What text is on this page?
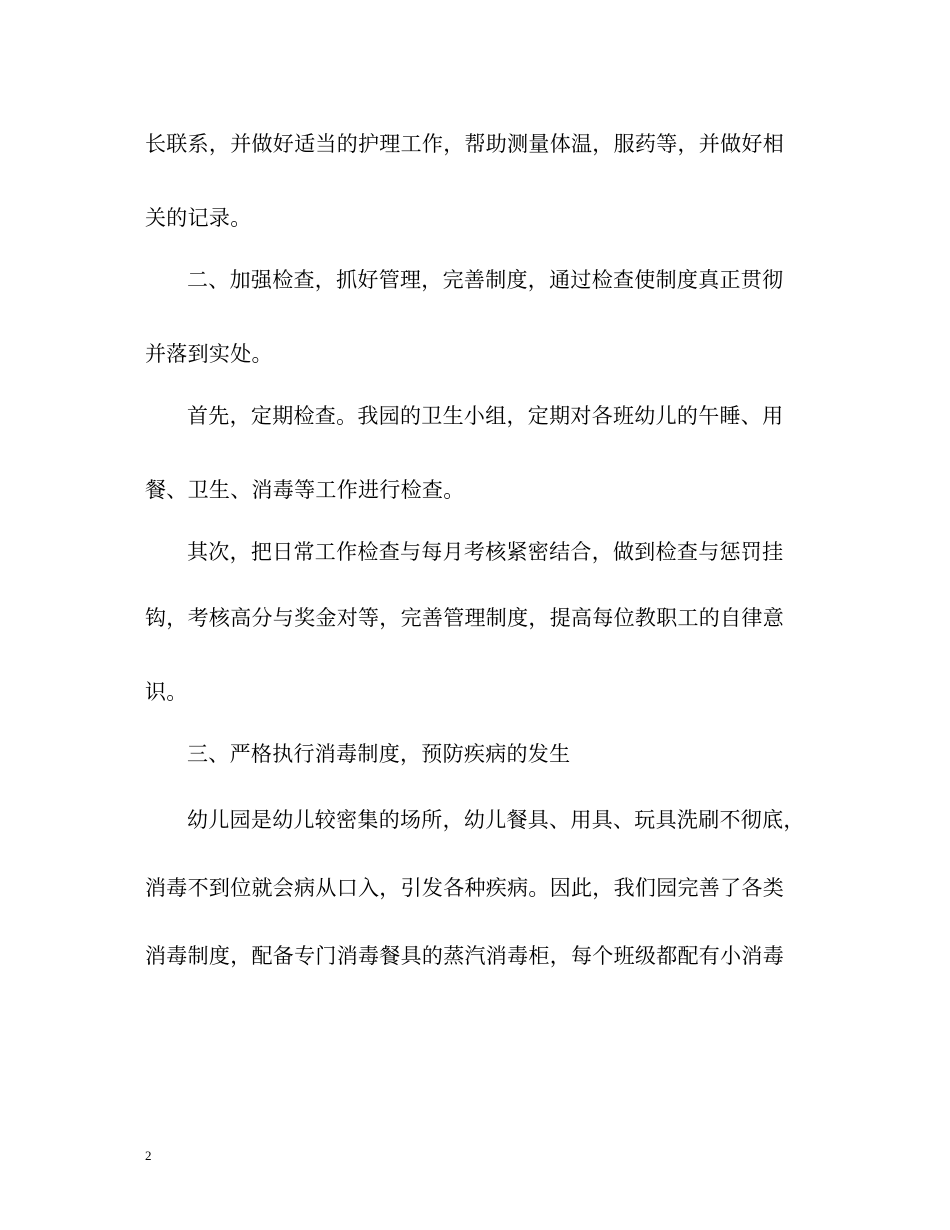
长联系，并做好适当的护理工作，帮助测量体温，服药等，并做好相
关的记录。
二、加强检查，抓好管理，完善制度，通过检查使制度真正贯彻
并落到实处。
首先，定期检查。我园的卫生小组，定期对各班幼儿的午睡、用
餐、卫生、消毒等工作进行检查。
其次，把日常工作检查与每月考核紧密结合，做到检查与惩罚挂
钩，考核高分与奖金对等，完善管理制度，提高每位教职工的自律意
识。
三、严格执行消毒制度，预防疾病的发生
幼儿园是幼儿较密集的场所，幼儿餐具、用具、玩具洗刷不彻底，
消毒不到位就会病从口入，引发各种疾病。因此，我们园完善了各类
消毒制度，配备专门消毒餐具的蒸汽消毒柜，每个班级都配有小消毒
2
